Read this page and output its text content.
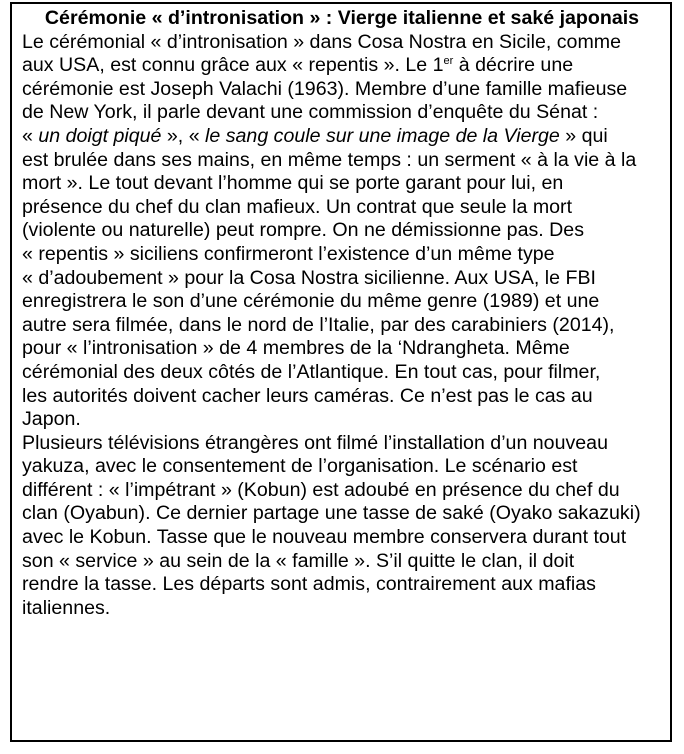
Cérémonie « d’intronisation » : Vierge italienne et saké japonais

Le cérémonial « d’intronisation » dans Cosa Nostra en Sicile, comme
aux USA, est connu grâce aux « repentis ». Le 1er à décrire une
cérémonie est Joseph Valachi (1963). Membre d’une famille mafieuse
de New York, il parle devant une commission d’enquête du Sénat :
« un doigt piqué », « le sang coule sur une image de la Vierge » qui
est brulée dans ses mains, en même temps : un serment « à la vie à la
mort ». Le tout devant l’homme qui se porte garant pour lui, en
présence du chef du clan mafieux. Un contrat que seule la mort
(violente ou naturelle) peut rompre. On ne démissionne pas. Des
« repentis » siciliens confirmeront l’existence d’un même type
« d’adoubement » pour la Cosa Nostra sicilienne. Aux USA, le FBI
enregistrera le son d’une cérémonie du même genre (1989) et une
autre sera filmée, dans le nord de l’Italie, par des carabiniers (2014),
pour « l’intronisation » de 4 membres de la ‘Ndrangheta. Même
cérémonial des deux côtés de l’Atlantique. En tout cas, pour filmer,
les autorités doivent cacher leurs caméras. Ce n’est pas le cas au
Japon.
Plusieurs télévisions étrangères ont filmé l’installation d’un nouveau
yakuza, avec le consentement de l’organisation. Le scénario est
différent : « l’impétrant » (Kobun) est adoubé en présence du chef du
clan (Oyabun). Ce dernier partage une tasse de saké (Oyako sakazuki)
avec le Kobun. Tasse que le nouveau membre conservera durant tout
son « service » au sein de la « famille ». S’il quitte le clan, il doit
rendre la tasse. Les départs sont admis, contrairement aux mafias
italiennes.
